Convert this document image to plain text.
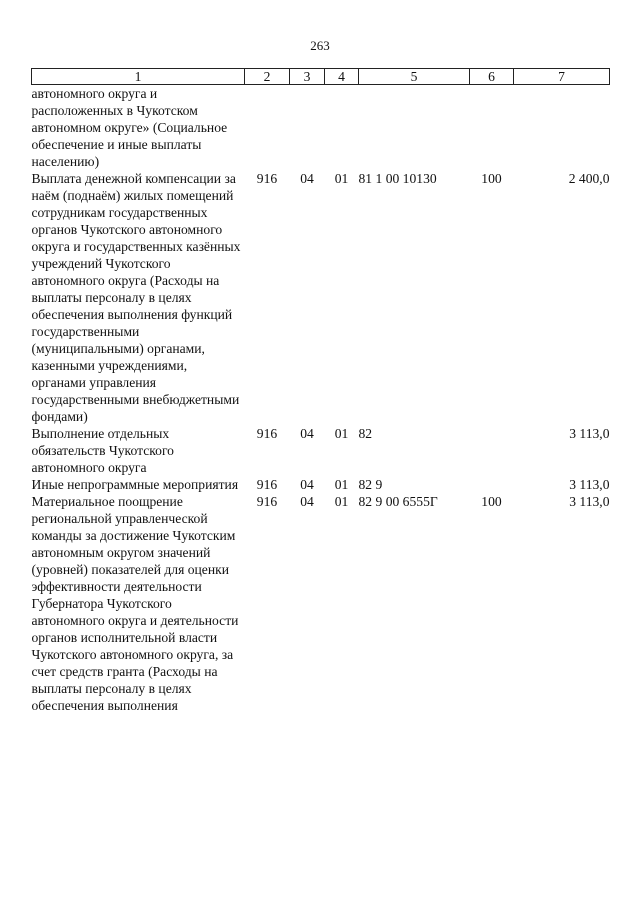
263
1	2	3	4	5	6	7
автономного округа и расположенных в Чукотском автономном округе» (Социальное обеспечение и иные выплаты населению)						
Выплата денежной компенсации за наём (поднаём) жилых помещений сотрудникам государственных органов Чукотского автономного округа и государственных казённых учреждений Чукотского автономного округа (Расходы на выплаты персоналу в целях обеспечения выполнения функций государственными (муниципальными) органами, казенными учреждениями, органами управления государственными внебюджетными фондами)	916	04	01	81 1 00 10130	100	2 400,0
Выполнение отдельных обязательств Чукотского автономного округа	916	04	01	82		3 113,0
Иные непрограммные мероприятия	916	04	01	82 9		3 113,0
Материальное поощрение региональной управленческой команды за достижение Чукотским автономным округом значений (уровней) показателей для оценки эффективности деятельности Губернатора Чукотского автономного округа и деятельности органов исполнительной власти Чукотского автономного округа, за счет средств гранта (Расходы на выплаты персоналу в целях обеспечения выполнения	916	04	01	82 9 00 6555Г	100	3 113,0
